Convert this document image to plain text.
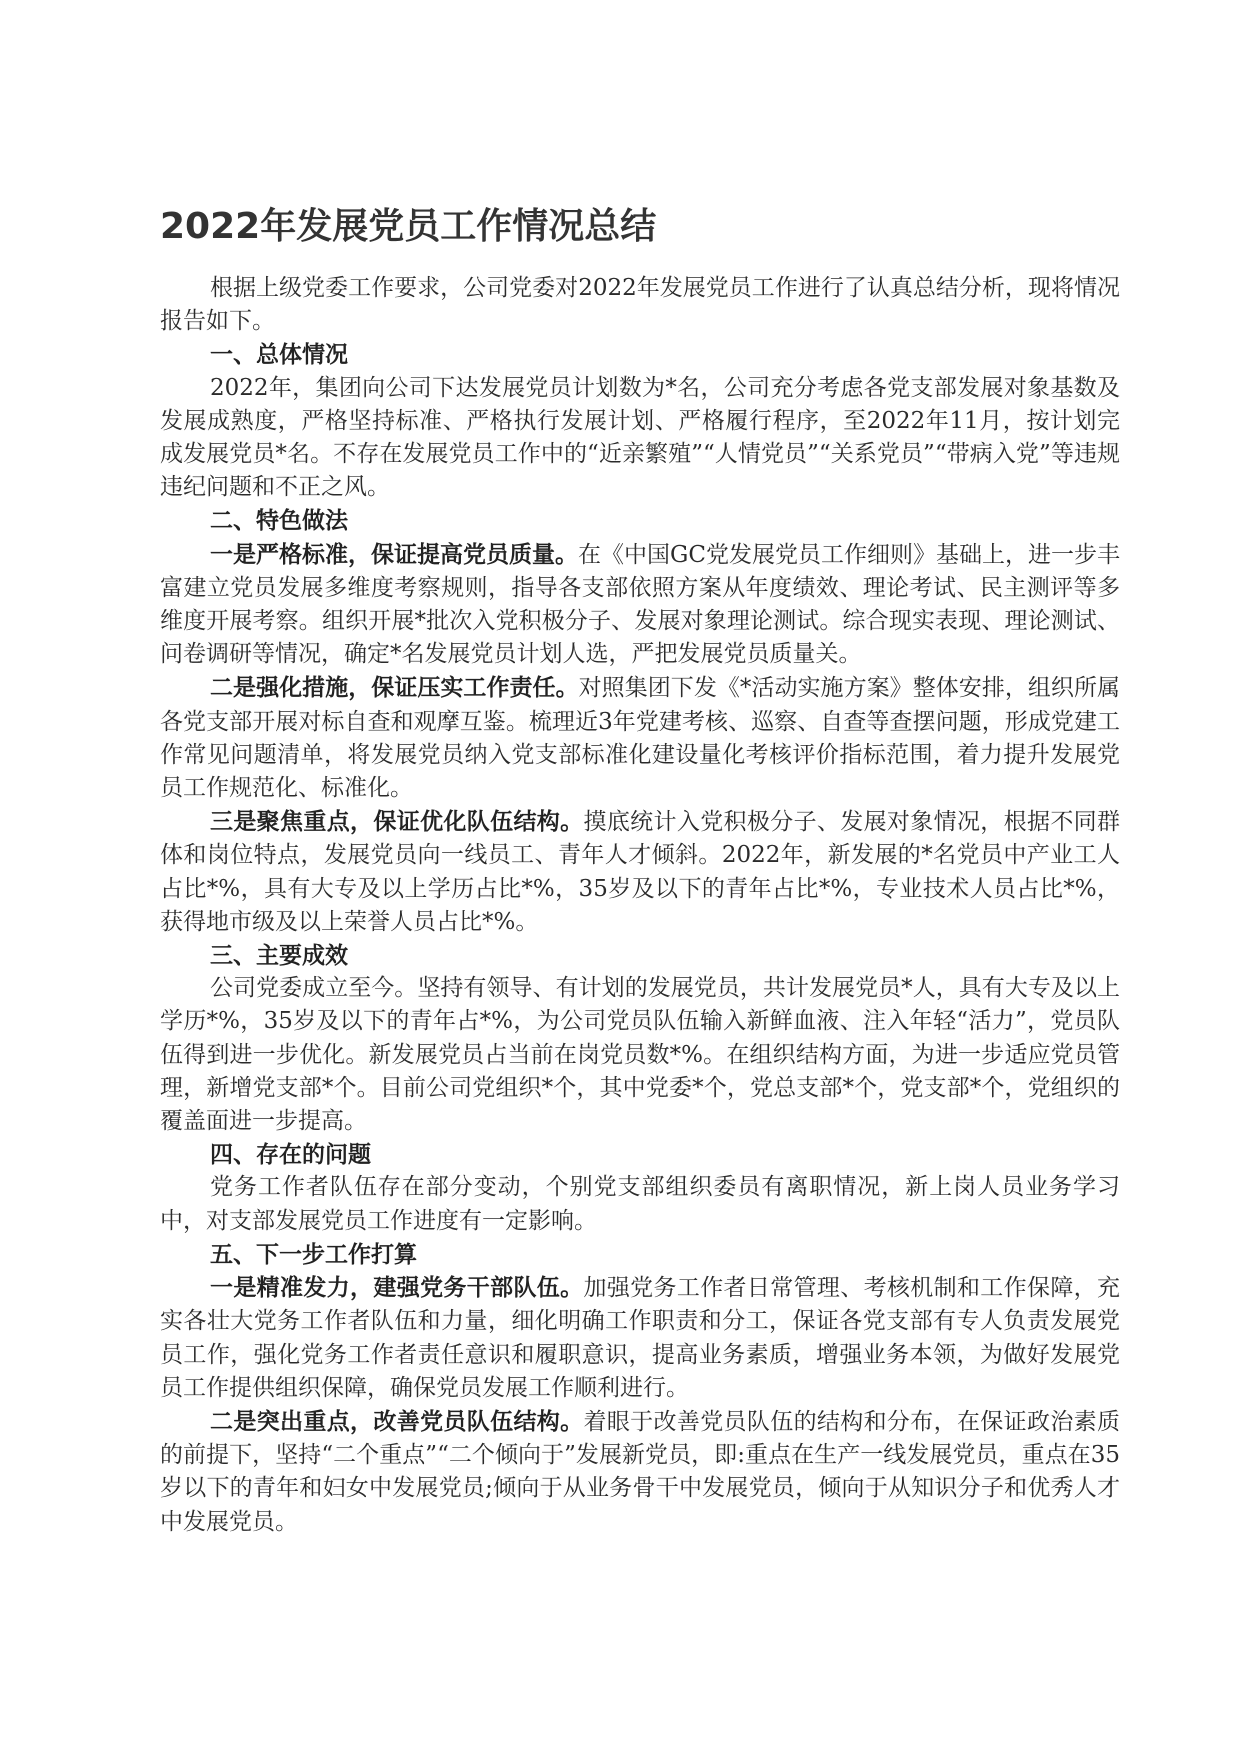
2022年发展党员工作情况总结

根据上级党委工作要求，公司党委对2022年发展党员工作进行了认真总结分析，现将情况报告如下。

一、总体情况

2022年，集团向公司下达发展党员计划数为*名，公司充分考虑各党支部发展对象基数及发展成熟度，严格坚持标准、严格执行发展计划、严格履行程序，至2022年11月，按计划完成发展党员*名。不存在发展党员工作中的“近亲繁殖”“人情党员”“关系党员”“带病入党”等违规违纪问题和不正之风。

二、特色做法

一是严格标准，保证提高党员质量。在《中国GC党发展党员工作细则》基础上，进一步丰富建立党员发展多维度考察规则，指导各支部依照方案从年度绩效、理论考试、民主测评等多维度开展考察。组织开展*批次入党积极分子、发展对象理论测试。综合现实表现、理论测试、问卷调研等情况，确定*名发展党员计划人选，严把发展党员质量关。

二是强化措施，保证压实工作责任。对照集团下发《*活动实施方案》整体安排，组织所属各党支部开展对标自查和观摩互鉴。梳理近3年党建考核、巡察、自查等查摆问题，形成党建工作常见问题清单，将发展党员纳入党支部标准化建设量化考核评价指标范围，着力提升发展党员工作规范化、标准化。

三是聚焦重点，保证优化队伍结构。摸底统计入党积极分子、发展对象情况，根据不同群体和岗位特点，发展党员向一线员工、青年人才倾斜。2022年，新发展的*名党员中产业工人占比*%，具有大专及以上学历占比*%，35岁及以下的青年占比*%，专业技术人员占比*%，获得地市级及以上荣誉人员占比*%。

三、主要成效

公司党委成立至今。坚持有领导、有计划的发展党员，共计发展党员*人，具有大专及以上学历*%，35岁及以下的青年占*%，为公司党员队伍输入新鲜血液、注入年轻“活力”，党员队伍得到进一步优化。新发展党员占当前在岗党员数*%。在组织结构方面，为进一步适应党员管理，新增党支部*个。目前公司党组织*个，其中党委*个，党总支部*个，党支部*个，党组织的覆盖面进一步提高。

四、存在的问题

党务工作者队伍存在部分变动，个别党支部组织委员有离职情况，新上岗人员业务学习中，对支部发展党员工作进度有一定影响。

五、下一步工作打算

一是精准发力，建强党务干部队伍。加强党务工作者日常管理、考核机制和工作保障，充实各壮大党务工作者队伍和力量，细化明确工作职责和分工，保证各党支部有专人负责发展党员工作，强化党务工作者责任意识和履职意识，提高业务素质，增强业务本领，为做好发展党员工作提供组织保障，确保党员发展工作顺利进行。

二是突出重点，改善党员队伍结构。着眼于改善党员队伍的结构和分布，在保证政治素质的前提下，坚持“二个重点”“二个倾向于”发展新党员，即:重点在生产一线发展党员，重点在35岁以下的青年和妇女中发展党员;倾向于从业务骨干中发展党员，倾向于从知识分子和优秀人才中发展党员。
